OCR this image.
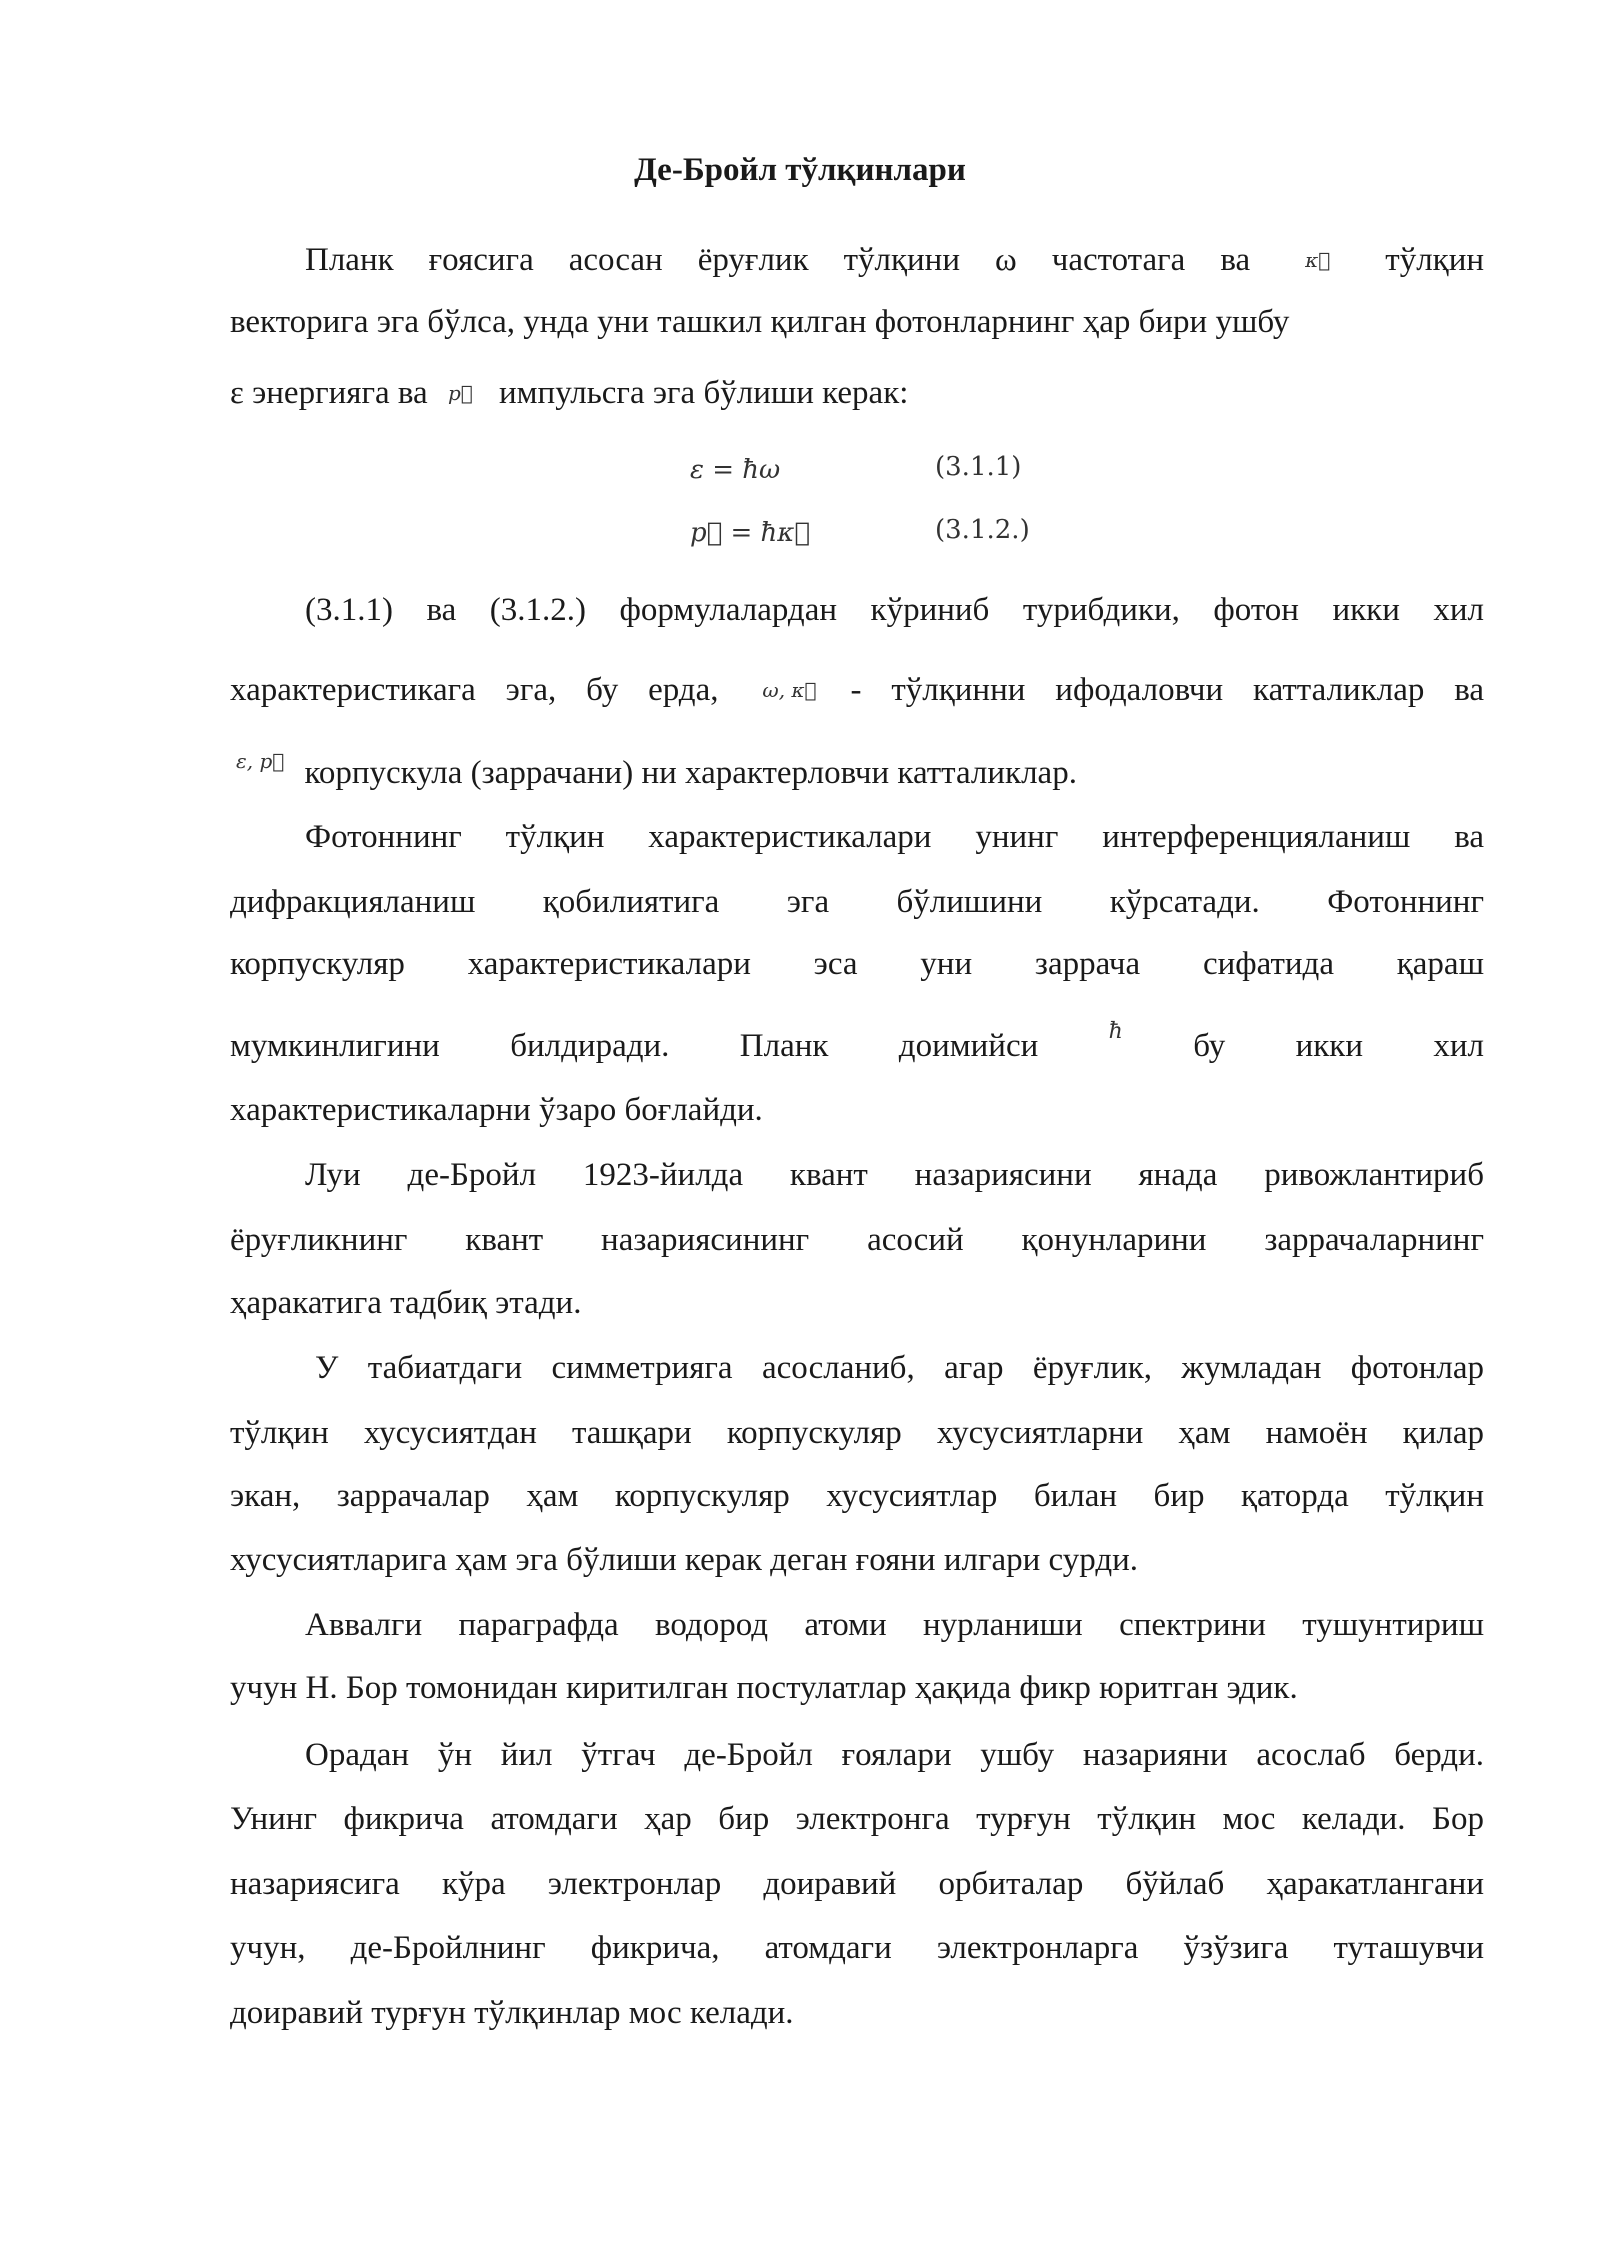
Де-Бройл тўлқинлари
Планк ғоясига асосан ёруғлик тўлқини ω частотага ва	κ⃗ тўлқин
векторига эга бўлса, унда уни ташкил қилган фотонларнинг ҳар бири ушбу
ε энергияга ва p⃗ импульсга эга бўлиши керак:
ε = ħω	(3.1.1)
p⃗ = ħκ⃗	(3.1.2.)
(3.1.1) ва (3.1.2.) формулалардан кўриниб турибдики, фотон икки хил
характеристикага эга, бу ерда, ω, κ⃗ - тўлқинни ифодаловчи катталиклар ва
ε, p⃗ корпускула (заррачани) ни характерловчи катталиклар.
Фотоннинг тўлқин характеристикалари унинг интерференцияланиш ва
дифракцияланиш қобилиятига эга бўлишини кўрсатади. Фотоннинг
корпускуляр характеристикалари эса уни заррача сифатида қараш
мумкинлигини билдиради. Планк доимийси	ħ бу икки хил
характеристикаларни ўзаро боғлайди.
Луи де-Бройл 1923-йилда квант назариясини янада ривожлантириб
ёруғликнинг квант назариясининг асосий қонунларини заррачаларнинг
ҳаракатига тадбиқ этади.
У табиатдаги симметрияга асосланиб, агар ёруғлик, жумладан фотонлар
тўлқин хусусиятдан ташқари корпускуляр хусусиятларни ҳам намоён қилар
экан, заррачалар ҳам корпускуляр хусусиятлар билан бир қаторда тўлқин
хусусиятларига ҳам эга бўлиши керак деган ғояни илгари сурди.
Аввалги параграфда водород атоми нурланиши спектрини тушунтириш
учун Н. Бор томонидан киритилган постулатлар ҳақида фикр юритган эдик.
Орадан ўн йил ўтгач де-Бройл ғоялари ушбу назарияни асослаб берди.
Унинг фикрича атомдаги ҳар бир электронга турғун тўлқин мос келади. Бор
назариясига кўра электронлар доиравий орбиталар бўйлаб ҳаракатлангани
учун, де-Бройлнинг фикрича, атомдаги электронларга ўзўзига туташувчи
доиравий турғун тўлқинлар мос келади.
